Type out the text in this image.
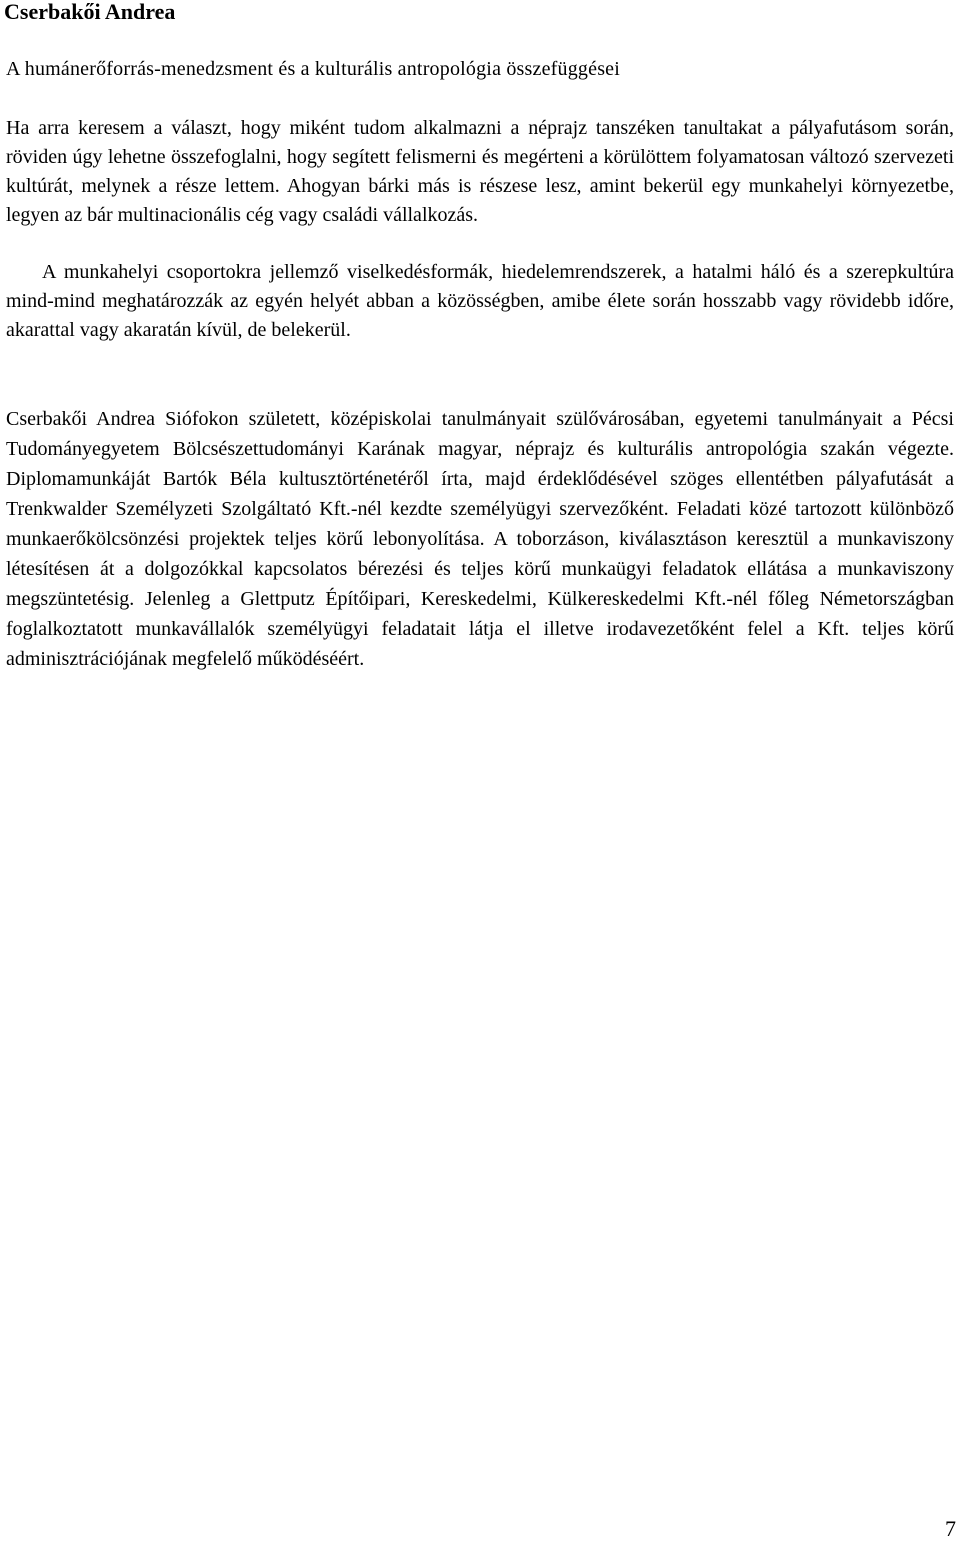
Cserbakői Andrea

A humánerőforrás-menedzsment és a kulturális antropológia összefüggései

Ha arra keresem a választ, hogy miként tudom alkalmazni a néprajz tanszéken tanultakat a pályafutásom során, röviden úgy lehetne összefoglalni, hogy segített felismerni és megérteni a körülöttem folyamatosan változó szervezeti kultúrát, melynek a része lettem. Ahogyan bárki más is részese lesz, amint bekerül egy munkahelyi környezetbe, legyen az bár multinacionális cég vagy családi vállalkozás.

A munkahelyi csoportokra jellemző viselkedésformák, hiedelemrendszerek, a hatalmi háló és a szerepkultúra mind-mind meghatározzák az egyén helyét abban a közösségben, amibe élete során hosszabb vagy rövidebb időre, akarattal vagy akaratán kívül, de belekerül.

Cserbakői Andrea Siófokon született, középiskolai tanulmányait szülővárosában, egyetemi tanulmányait a Pécsi Tudományegyetem Bölcsészettudományi Karának magyar, néprajz és kulturális antropológia szakán végezte. Diplomamunkáját Bartók Béla kultusztörténetéről írta, majd érdeklődésével szöges ellentétben pályafutását a Trenkwalder Személyzeti Szolgáltató Kft.-nél kezdte személyügyi szervezőként. Feladati közé tartozott különböző munkaerőkölcsönzési projektek teljes körű lebonyolítása. A toborzáson, kiválasztáson keresztül a munkaviszony létesítésen át a dolgozókkal kapcsolatos bérezési és teljes körű munkaügyi feladatok ellátása a munkaviszony megszüntetésig. Jelenleg a Glettputz Építőipari, Kereskedelmi, Külkereskedelmi Kft.-nél főleg Németországban foglalkoztatott munkavállalók személyügyi feladatait látja el illetve irodavezetőként felel a Kft. teljes körű adminisztrációjának megfelelő működéséért.

7
